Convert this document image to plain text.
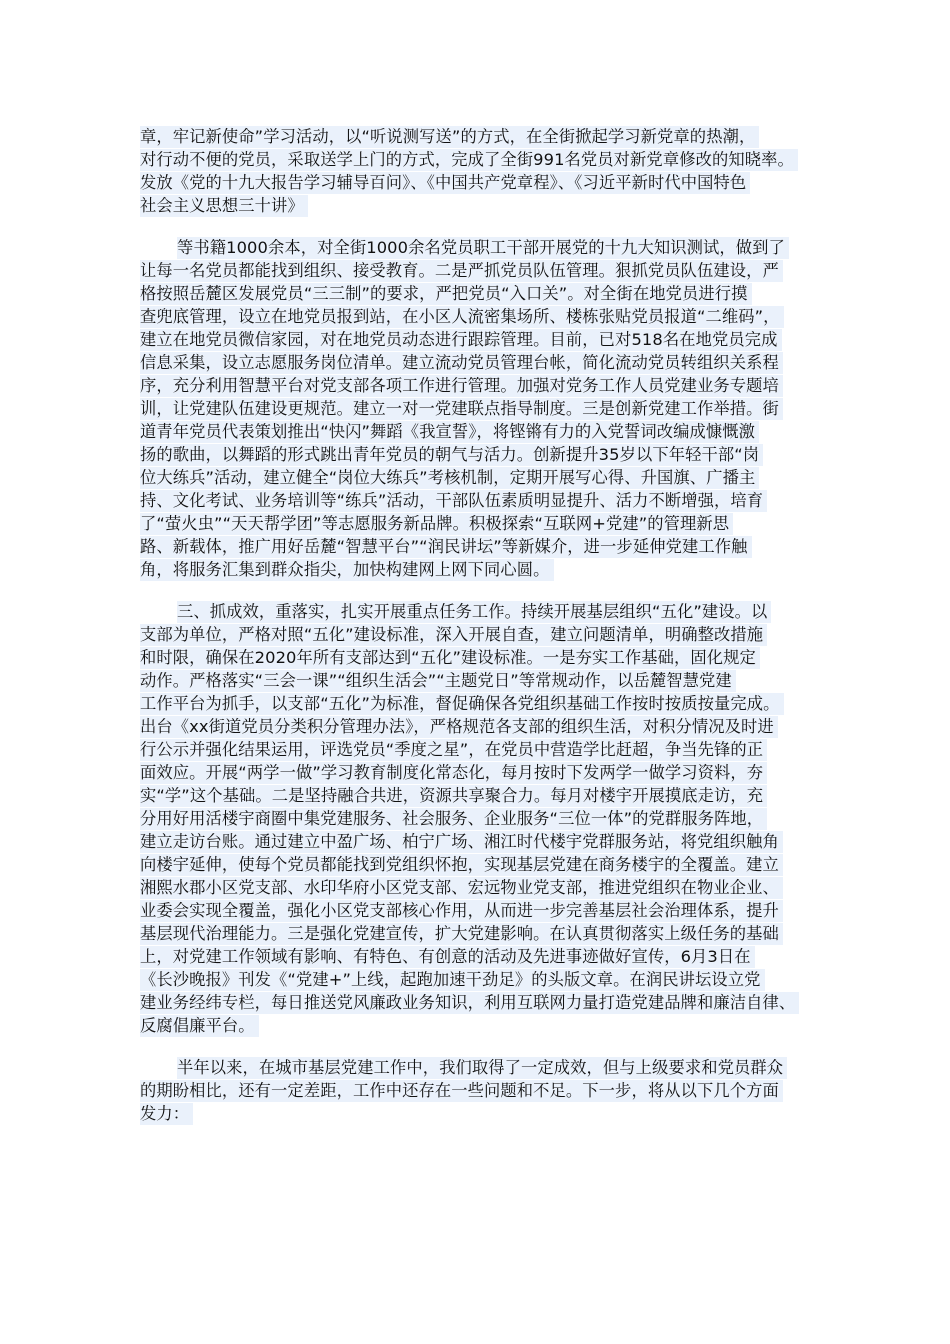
章，牢记新使命”学习活动，以“听说测写送”的方式，在全街掀起学习新党章的热潮，
对行动不便的党员，采取送学上门的方式，完成了全街991名党员对新党章修改的知晓率。
发放《党的十九大报告学习辅导百问》、《中国共产党章程》、《习近平新时代中国特色
社会主义思想三十讲》
等书籍1000余本，对全街1000余名党员职工干部开展党的十九大知识测试，做到了
让每一名党员都能找到组织、接受教育。二是严抓党员队伍管理。狠抓党员队伍建设，严
格按照岳麓区发展党员“三三制”的要求，严把党员“入口关”。对全街在地党员进行摸
查兜底管理，设立在地党员报到站，在小区人流密集场所、楼栋张贴党员报道“二维码”，
建立在地党员微信家园，对在地党员动态进行跟踪管理。目前，已对518名在地党员完成
信息采集，设立志愿服务岗位清单。建立流动党员管理台帐，简化流动党员转组织关系程
序，充分利用智慧平台对党支部各项工作进行管理。加强对党务工作人员党建业务专题培
训，让党建队伍建设更规范。建立一对一党建联点指导制度。三是创新党建工作举措。街
道青年党员代表策划推出“快闪”舞蹈《我宣誓》，将铿锵有力的入党誓词改编成慷慨激
扬的歌曲，以舞蹈的形式跳出青年党员的朝气与活力。创新提升35岁以下年轻干部“岗
位大练兵”活动，建立健全“岗位大练兵”考核机制，定期开展写心得、升国旗、广播主
持、文化考试、业务培训等“练兵”活动，干部队伍素质明显提升、活力不断增强，培育
了“萤火虫”“天天帮学团”等志愿服务新品牌。积极探索“互联网+党建”的管理新思
路、新载体，推广用好岳麓“智慧平台”“润民讲坛”等新媒介，进一步延伸党建工作触
角，将服务汇集到群众指尖，加快构建网上网下同心圆。
三、抓成效，重落实，扎实开展重点任务工作。持续开展基层组织“五化”建设。以
支部为单位，严格对照“五化”建设标准，深入开展自查，建立问题清单，明确整改措施
和时限，确保在2020年所有支部达到“五化”建设标准。一是夯实工作基础，固化规定
动作。严格落实“三会一课”“组织生活会”“主题党日”等常规动作，以岳麓智慧党建
工作平台为抓手，以支部“五化”为标准，督促确保各党组织基础工作按时按质按量完成。
出台《xx街道党员分类积分管理办法》，严格规范各支部的组织生活，对积分情况及时进
行公示并强化结果运用，评选党员“季度之星”，在党员中营造学比赶超，争当先锋的正
面效应。开展“两学一做”学习教育制度化常态化，每月按时下发两学一做学习资料，夯
实“学”这个基础。二是坚持融合共进，资源共享聚合力。每月对楼宇开展摸底走访，充
分用好用活楼宇商圈中集党建服务、社会服务、企业服务“三位一体”的党群服务阵地，
建立走访台账。通过建立中盈广场、柏宁广场、湘江时代楼宇党群服务站，将党组织触角
向楼宇延伸，使每个党员都能找到党组织怀抱，实现基层党建在商务楼宇的全覆盖。建立
湘熙水郡小区党支部、水印华府小区党支部、宏远物业党支部，推进党组织在物业企业、
业委会实现全覆盖，强化小区党支部核心作用，从而进一步完善基层社会治理体系，提升
基层现代治理能力。三是强化党建宣传，扩大党建影响。在认真贯彻落实上级任务的基础
上，对党建工作领域有影响、有特色、有创意的活动及先进事迹做好宣传，6月3日在
《长沙晚报》刊发《“党建+”上线，起跑加速干劲足》的头版文章。在润民讲坛设立党
建业务经纬专栏，每日推送党风廉政业务知识，利用互联网力量打造党建品牌和廉洁自律、
反腐倡廉平台。
半年以来，在城市基层党建工作中，我们取得了一定成效，但与上级要求和党员群众
的期盼相比，还有一定差距，工作中还存在一些问题和不足。下一步，将从以下几个方面
发力：
